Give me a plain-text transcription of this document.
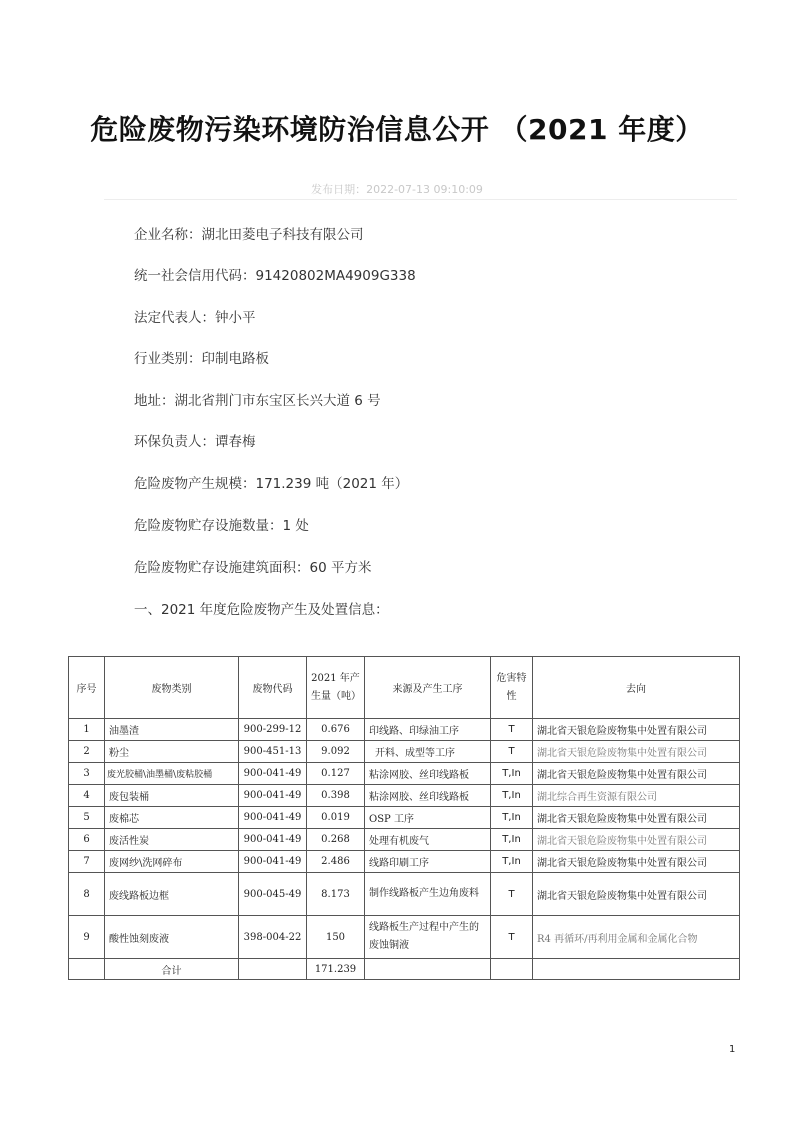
危险废物污染环境防治信息公开 （2021 年度）
发布日期：2022-07-13 09:10:09
企业名称：湖北田菱电子科技有限公司
统一社会信用代码：91420802MA4909G338
法定代表人：钟小平
行业类别：印制电路板
地址：湖北省荆门市东宝区长兴大道 6 号
环保负责人：谭春梅
危险废物产生规模：171.239 吨（2021 年）
危险废物贮存设施数量：1 处
危险废物贮存设施建筑面积：60 平方米
一、2021 年度危险废物产生及处置信息：
序号	废物类别	废物代码	2021 年产生量（吨）	来源及产生工序	危害特性	去向
1	油墨渣	900-299-12	0.676	印线路、印绿油工序	T	湖北省天银危险废物集中处置有限公司
2	粉尘	900-451-13	9.092	开料、成型等工序	T	湖北省天银危险废物集中处置有限公司
3	废光胶桶\油墨桶\废粘胶桶	900-041-49	0.127	粘涂网胶、丝印线路板	T,In	湖北省天银危险废物集中处置有限公司
4	废包装桶	900-041-49	0.398	粘涂网胶、丝印线路板	T,In	湖北综合再生资源有限公司
5	废棉芯	900-041-49	0.019	OSP 工序	T,In	湖北省天银危险废物集中处置有限公司
6	废活性炭	900-041-49	0.268	处理有机废气	T,In	湖北省天银危险废物集中处置有限公司
7	废网纱\洗网碎布	900-041-49	2.486	线路印刷工序	T,In	湖北省天银危险废物集中处置有限公司
8	废线路板边框	900-045-49	8.173	制作线路板产生边角废料	T	湖北省天银危险废物集中处置有限公司
9	酸性蚀刻废液	398-004-22	150	线路板生产过程中产生的废蚀铜液	T	R4 再循环/再利用金属和金属化合物
	合计		171.239			
1
